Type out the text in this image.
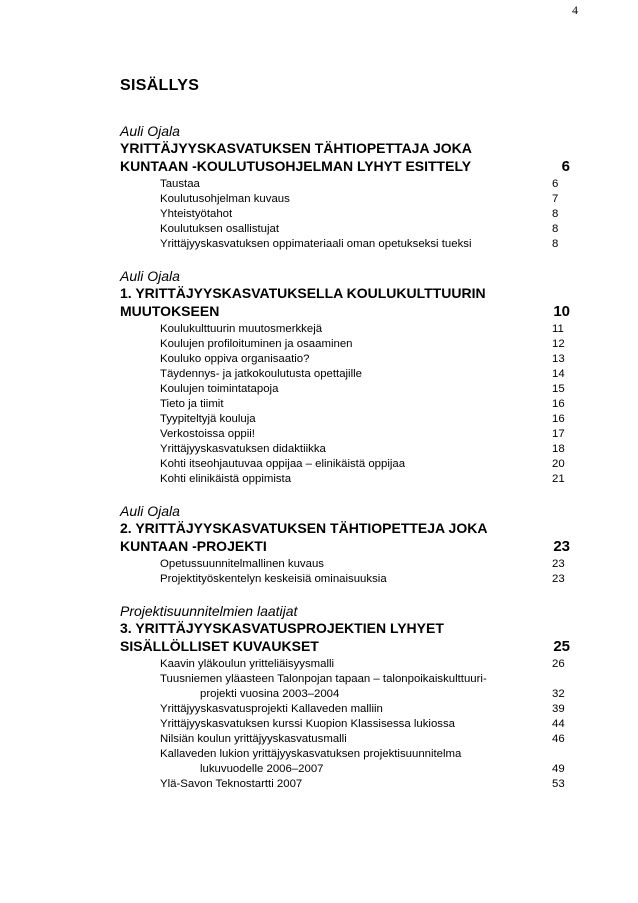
4
SISÄLLYS
Auli Ojala
YRITTÄJYYSKASVATUKSEN TÄHTIOPETTAJA JOKA
KUNTAAN -KOULUTUSOHJELMAN LYHYT ESITTELY	6
Taustaa	6
Koulutusohjelman kuvaus	7
Yhteistyötahot	8
Koulutuksen osallistujat	8
Yrittäjyyskasvatuksen oppimateriaali oman opetukseksi tueksi	8
Auli Ojala
1. YRITTÄJYYSKASVATUKSELLA KOULUKULTTUURIN
MUUTOKSEEN	10
Koulukulttuurin muutosmerkkejä	11
Koulujen profiloituminen ja osaaminen	12
Kouluko oppiva organisaatio?	13
Täydennys- ja jatkokoulutusta opettajille	14
Koulujen toimintatapoja	15
Tieto ja tiimit	16
Tyypiteltyjä kouluja	16
Verkostoissa oppii!	17
Yrittäjyyskasvatuksen didaktiikka	18
Kohti itseohjautuvaa oppijaa – elinikäistä oppijaa	20
Kohti elinikäistä oppimista	21
Auli Ojala
2. YRITTÄJYYSKASVATUKSEN TÄHTIOPETTEJA JOKA
KUNTAAN -PROJEKTI	23
Opetussuunnitelmallinen kuvaus	23
Projektityöskentelyn keskeisiä ominaisuuksia	23
Projektisuunnitelmien laatijat
3. YRITTÄJYYSKASVATUSPROJEKTIEN LYHYET
SISÄLLÖLLISET KUVAUKSET	25
Kaavin yläkoulun yritteliäisyysmalli	26
Tuusniemen yläasteen Talonpojan tapaan – talonpoikaiskulttuuri-
projekti vuosina 2003–2004	32
Yrittäjyyskasvatusprojekti Kallaveden malliin	39
Yrittäjyyskasvatuksen kurssi Kuopion Klassisessa lukiossa	44
Nilsiän koulun yrittäjyyskasvatusmalli	46
Kallaveden lukion yrittäjyyskasvatuksen projektisuunnitelma
lukuvuodelle 2006–2007	49
Ylä-Savon Teknostartti 2007	53
